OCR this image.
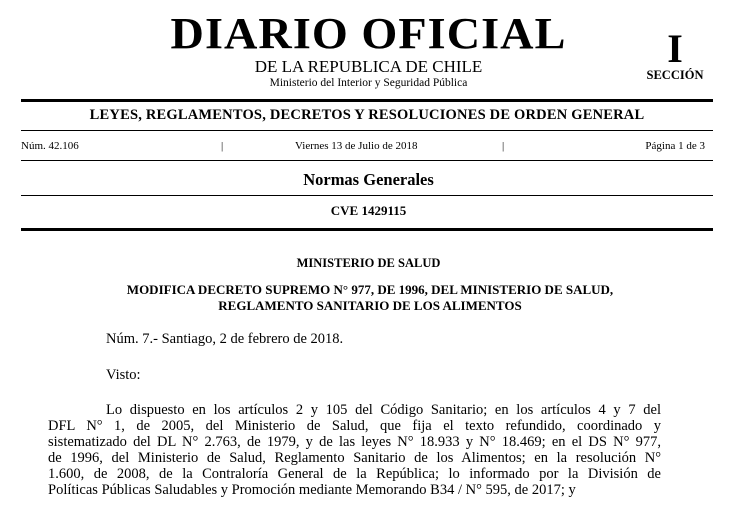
DIARIO OFICIAL
DE LA REPUBLICA DE CHILE
Ministerio del Interior y Seguridad Pública
I
SECCIÓN
LEYES, REGLAMENTOS, DECRETOS Y RESOLUCIONES DE ORDEN GENERAL
Núm. 42.106	|	Viernes 13 de Julio de 2018	|	Página 1 de 3
Normas Generales
CVE 1429115
MINISTERIO DE SALUD
MODIFICA DECRETO SUPREMO N° 977, DE 1996, DEL MINISTERIO DE SALUD,
REGLAMENTO SANITARIO DE LOS ALIMENTOS
Núm. 7.- Santiago, 2 de febrero de 2018.
Visto:
Lo dispuesto en los artículos 2 y 105 del Código Sanitario; en los artículos 4 y 7 del
DFL N° 1, de 2005, del Ministerio de Salud, que fija el texto refundido, coordinado y
sistematizado del DL N° 2.763, de 1979, y de las leyes N° 18.933 y N° 18.469; en el DS N° 977,
de 1996, del Ministerio de Salud, Reglamento Sanitario de los Alimentos; en la resolución N°
1.600, de 2008, de la Contraloría General de la República; lo informado por la División de
Políticas Públicas Saludables y Promoción mediante Memorando B34 / N° 595, de 2017; y
